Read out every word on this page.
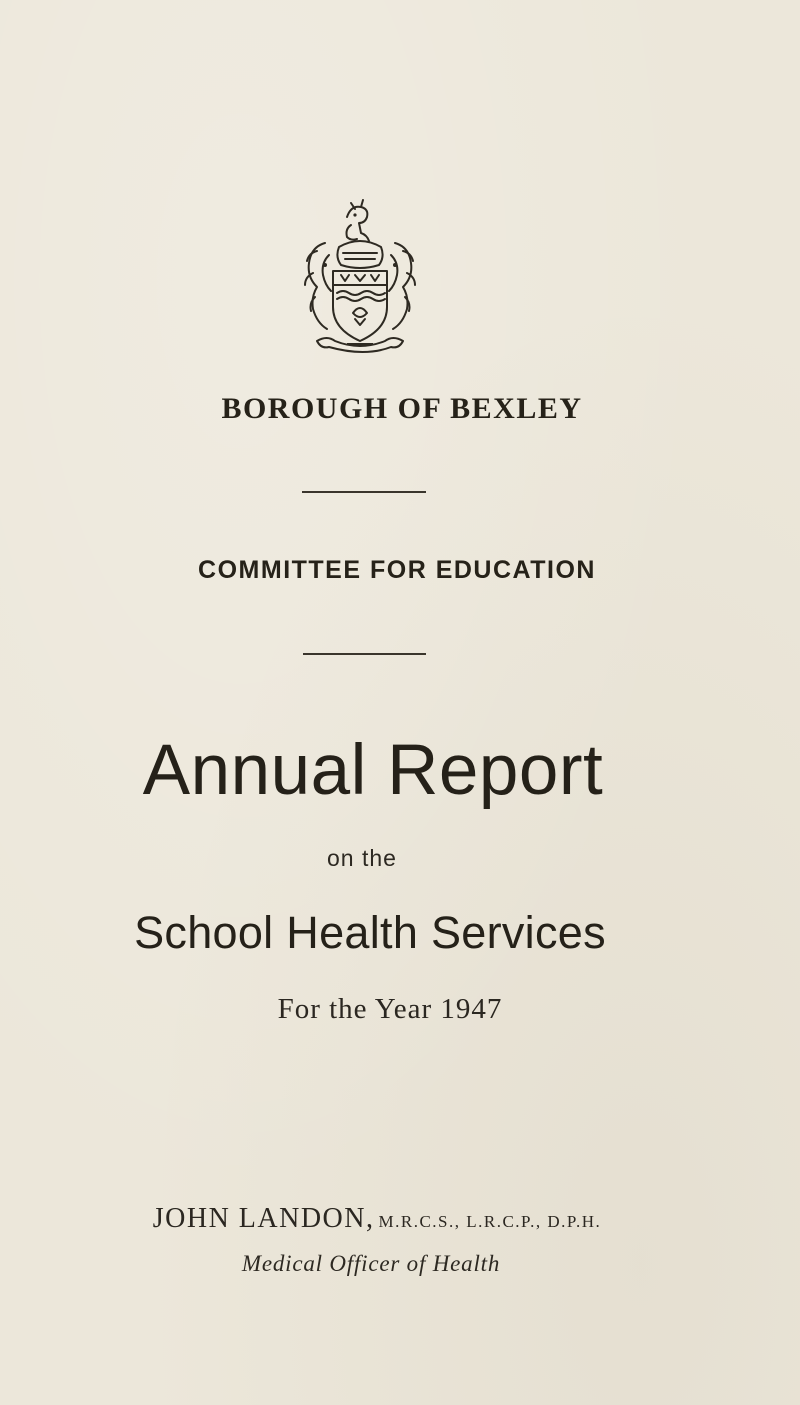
BOROUGH OF BEXLEY
COMMITTEE FOR EDUCATION
Annual Report
on the
School Health Services
For the Year 1947
JOHN LANDON, M.R.C.S., L.R.C.P., D.P.H.
Medical Officer of Health
